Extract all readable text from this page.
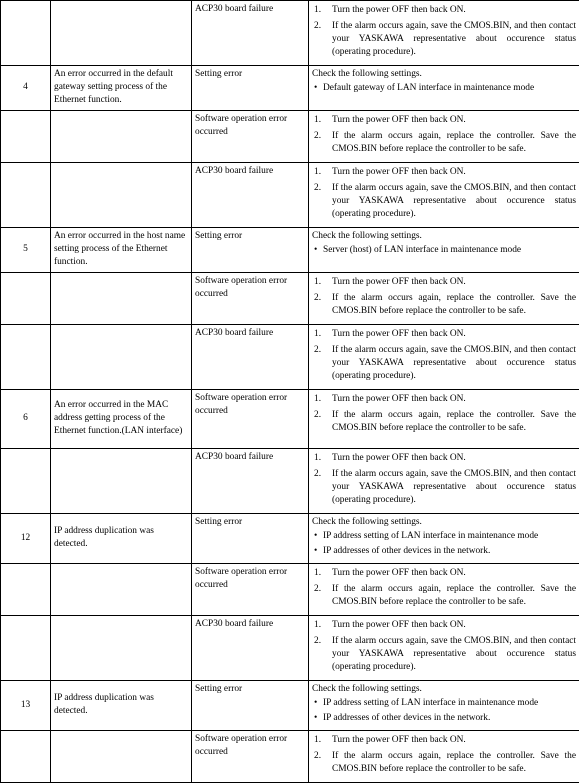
		ACP30 board failure	1. Turn the power OFF then back ON.
2. If the alarm occurs again, save the CMOS.BIN, and then contact your YASKAWA representative about occurence status (operating procedure).

4	An error occurred in the default gateway setting process of the Ethernet function.	Setting error	Check the following settings.
• Default gateway of LAN interface in maintenance mode

		Software operation error occurred	1. Turn the power OFF then back ON.
2. If the alarm occurs again, replace the controller. Save the CMOS.BIN before replace the controller to be safe.

		ACP30 board failure	1. Turn the power OFF then back ON.
2. If the alarm occurs again, save the CMOS.BIN, and then contact your YASKAWA representative about occurence status (operating procedure).

5	An error occurred in the host name setting process of the Ethernet function.	Setting error	Check the following settings.
• Server (host) of LAN interface in maintenance mode

		Software operation error occurred	1. Turn the power OFF then back ON.
2. If the alarm occurs again, replace the controller. Save the CMOS.BIN before replace the controller to be safe.

		ACP30 board failure	1. Turn the power OFF then back ON.
2. If the alarm occurs again, save the CMOS.BIN, and then contact your YASKAWA representative about occurence status (operating procedure).

6	An error occurred in the MAC address getting process of the Ethernet function.(LAN interface)	Software operation error occurred	1. Turn the power OFF then back ON.
2. If the alarm occurs again, replace the controller. Save the CMOS.BIN before replace the controller to be safe.

		ACP30 board failure	1. Turn the power OFF then back ON.
2. If the alarm occurs again, save the CMOS.BIN, and then contact your YASKAWA representative about occurence status (operating procedure).

12	IP address duplication was detected.	Setting error	Check the following settings.
• IP address setting of LAN interface in maintenance mode
• IP addresses of other devices in the network.

		Software operation error occurred	1. Turn the power OFF then back ON.
2. If the alarm occurs again, replace the controller. Save the CMOS.BIN before replace the controller to be safe.

		ACP30 board failure	1. Turn the power OFF then back ON.
2. If the alarm occurs again, save the CMOS.BIN, and then contact your YASKAWA representative about occurence status (operating procedure).

13	IP address duplication was detected.	Setting error	Check the following settings.
• IP address setting of LAN interface in maintenance mode
• IP addresses of other devices in the network.

		Software operation error occurred	1. Turn the power OFF then back ON.
2. If the alarm occurs again, replace the controller. Save the CMOS.BIN before replace the controller to be safe.
